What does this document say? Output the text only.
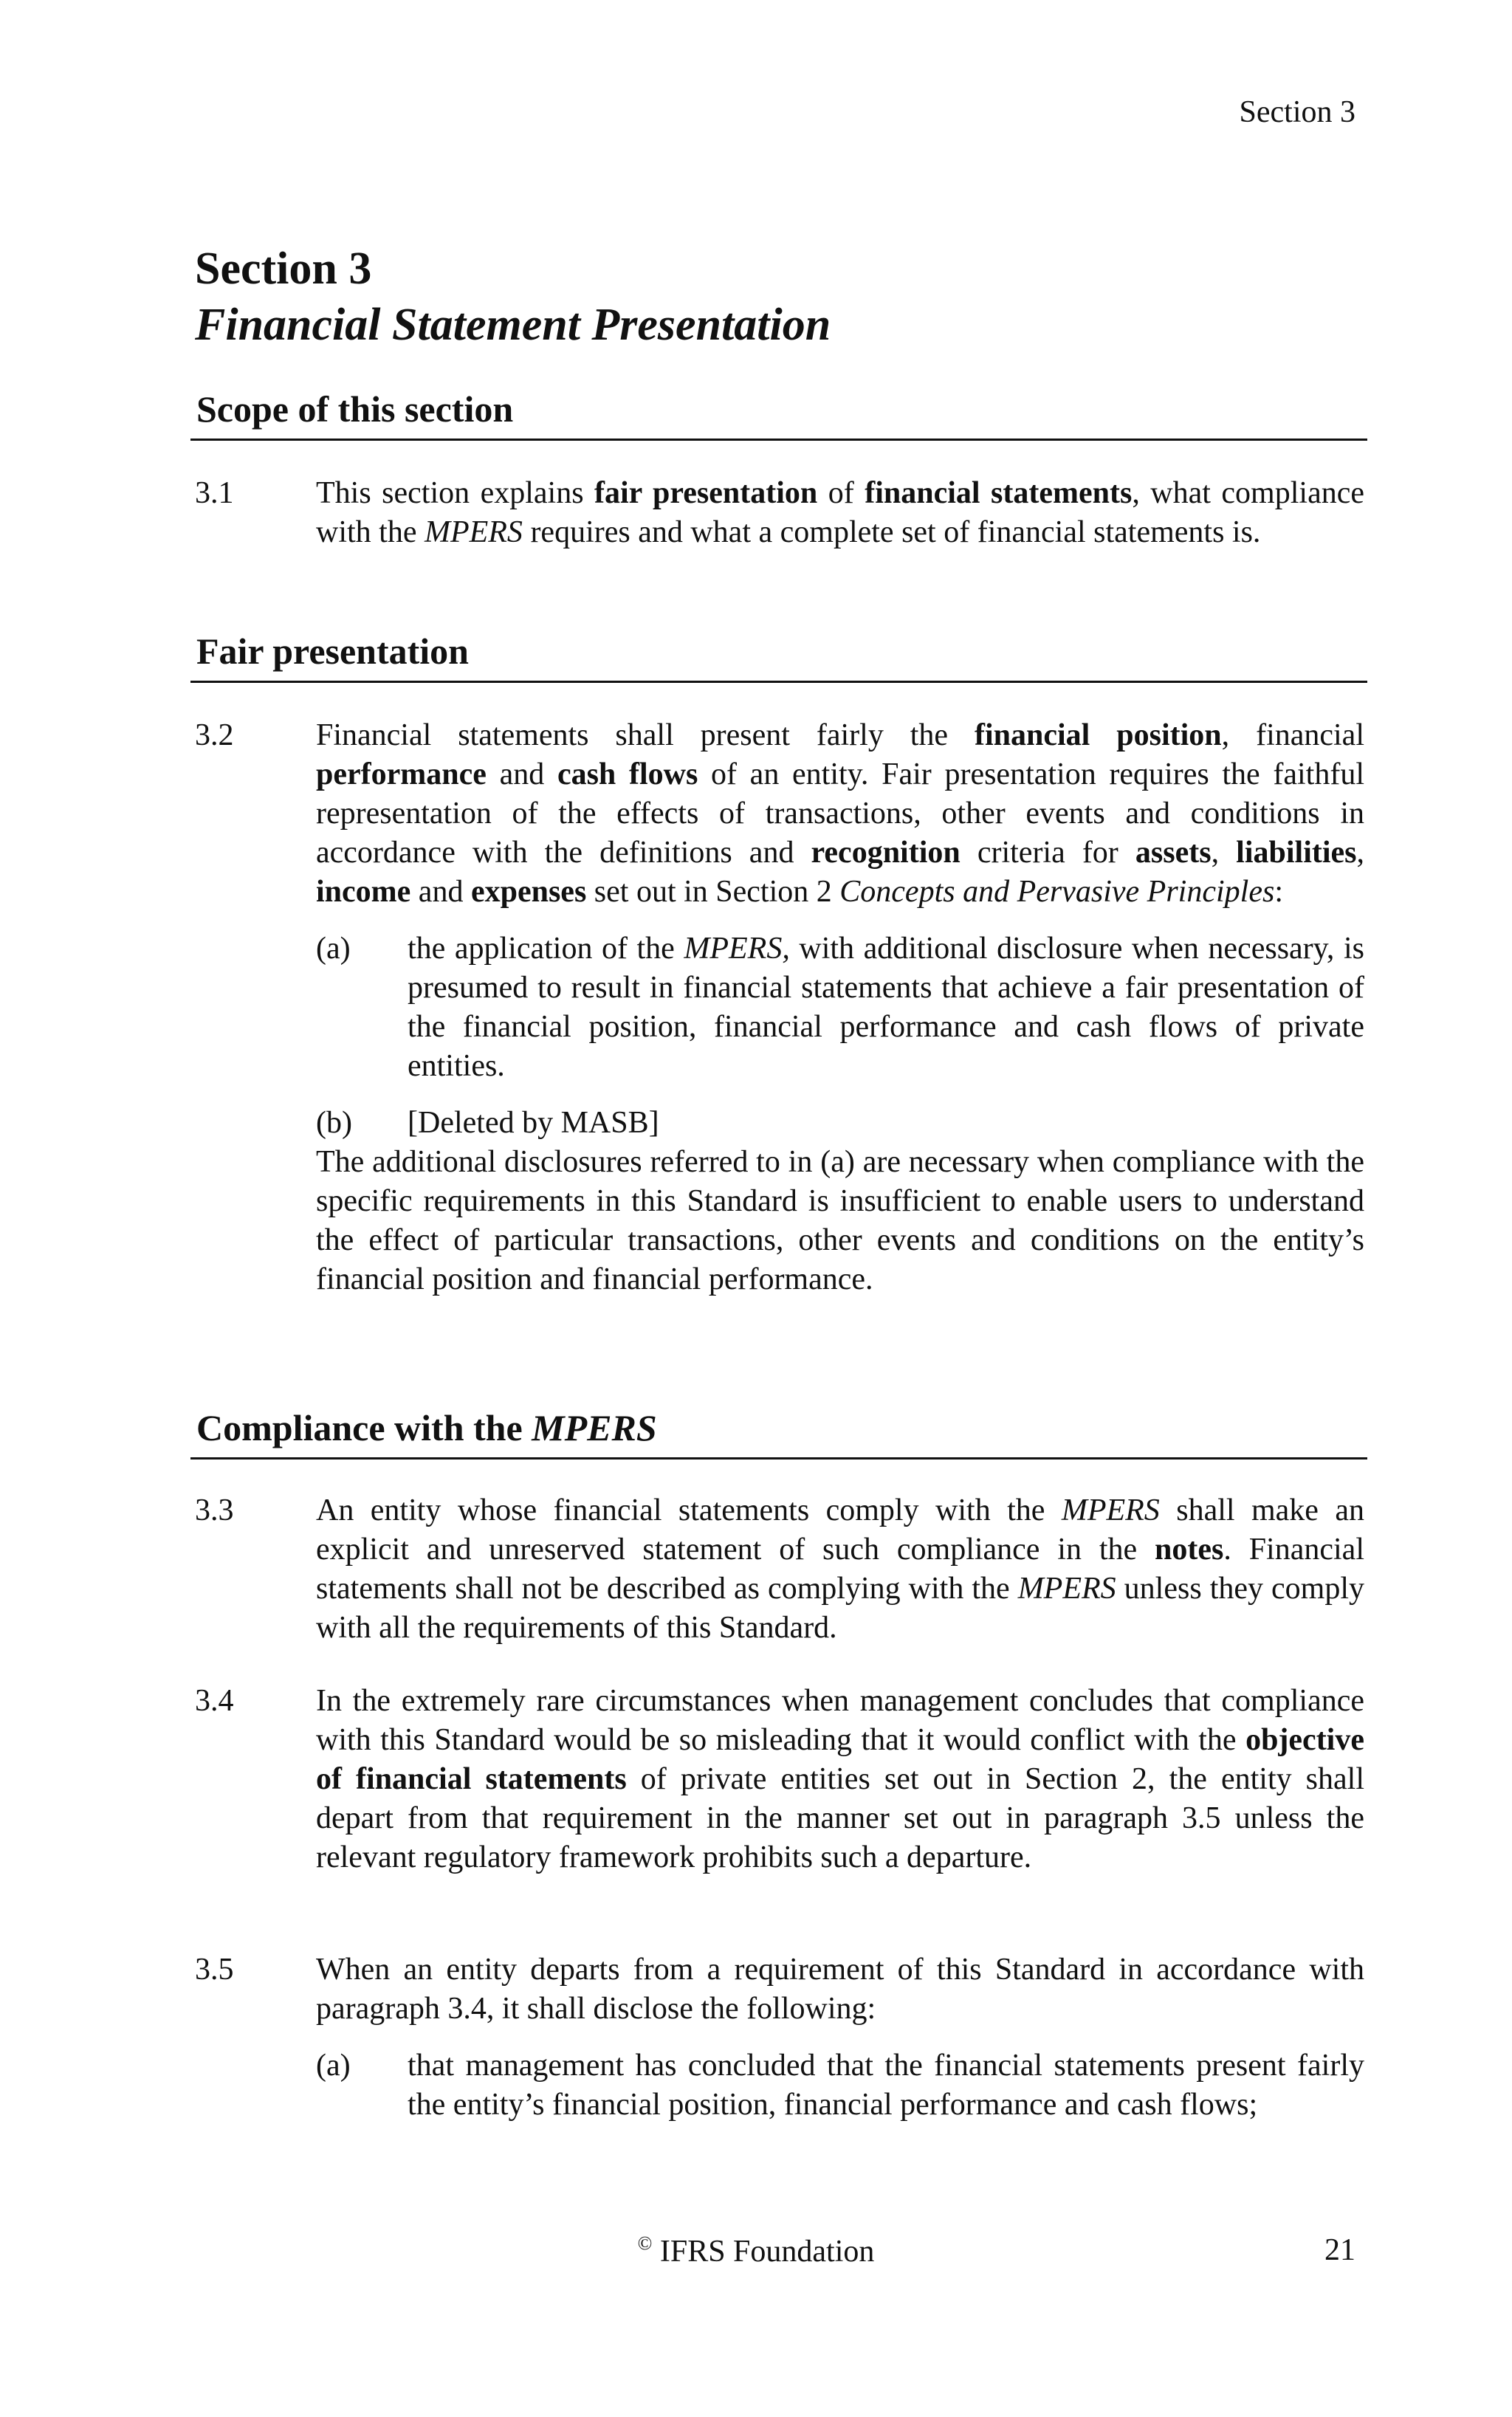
Section 3
Section 3
Financial Statement Presentation
Scope of this section
3.1	This section explains fair presentation of financial statements, what compliance with the MPERS requires and what a complete set of financial statements is.

Fair presentation
3.2	Financial statements shall present fairly the financial position, financial performance and cash flows of an entity. Fair presentation requires the faithful representation of the effects of transactions, other events and conditions in accordance with the definitions and recognition criteria for assets, liabilities, income and expenses set out in Section 2 Concepts and Pervasive Principles:

(a) the application of the MPERS, with additional disclosure when necessary, is presumed to result in financial statements that achieve a fair presentation of the financial position, financial performance and cash flows of private entities.
(b) [Deleted by MASB]

The additional disclosures referred to in (a) are necessary when compliance with the specific requirements in this Standard is insufficient to enable users to understand the effect of particular transactions, other events and conditions on the entity’s financial position and financial performance.

Compliance with the MPERS
3.3	An entity whose financial statements comply with the MPERS shall make an explicit and unreserved statement of such compliance in the notes. Financial statements shall not be described as complying with the MPERS unless they comply with all the requirements of this Standard.

3.4	In the extremely rare circumstances when management concludes that compliance with this Standard would be so misleading that it would conflict with the objective of financial statements of private entities set out in Section 2, the entity shall depart from that requirement in the manner set out in paragraph 3.5 unless the relevant regulatory framework prohibits such a departure.

3.5	When an entity departs from a requirement of this Standard in accordance with paragraph 3.4, it shall disclose the following:

(a) that management has concluded that the financial statements present fairly the entity’s financial position, financial performance and cash flows;
© IFRS Foundation	21
